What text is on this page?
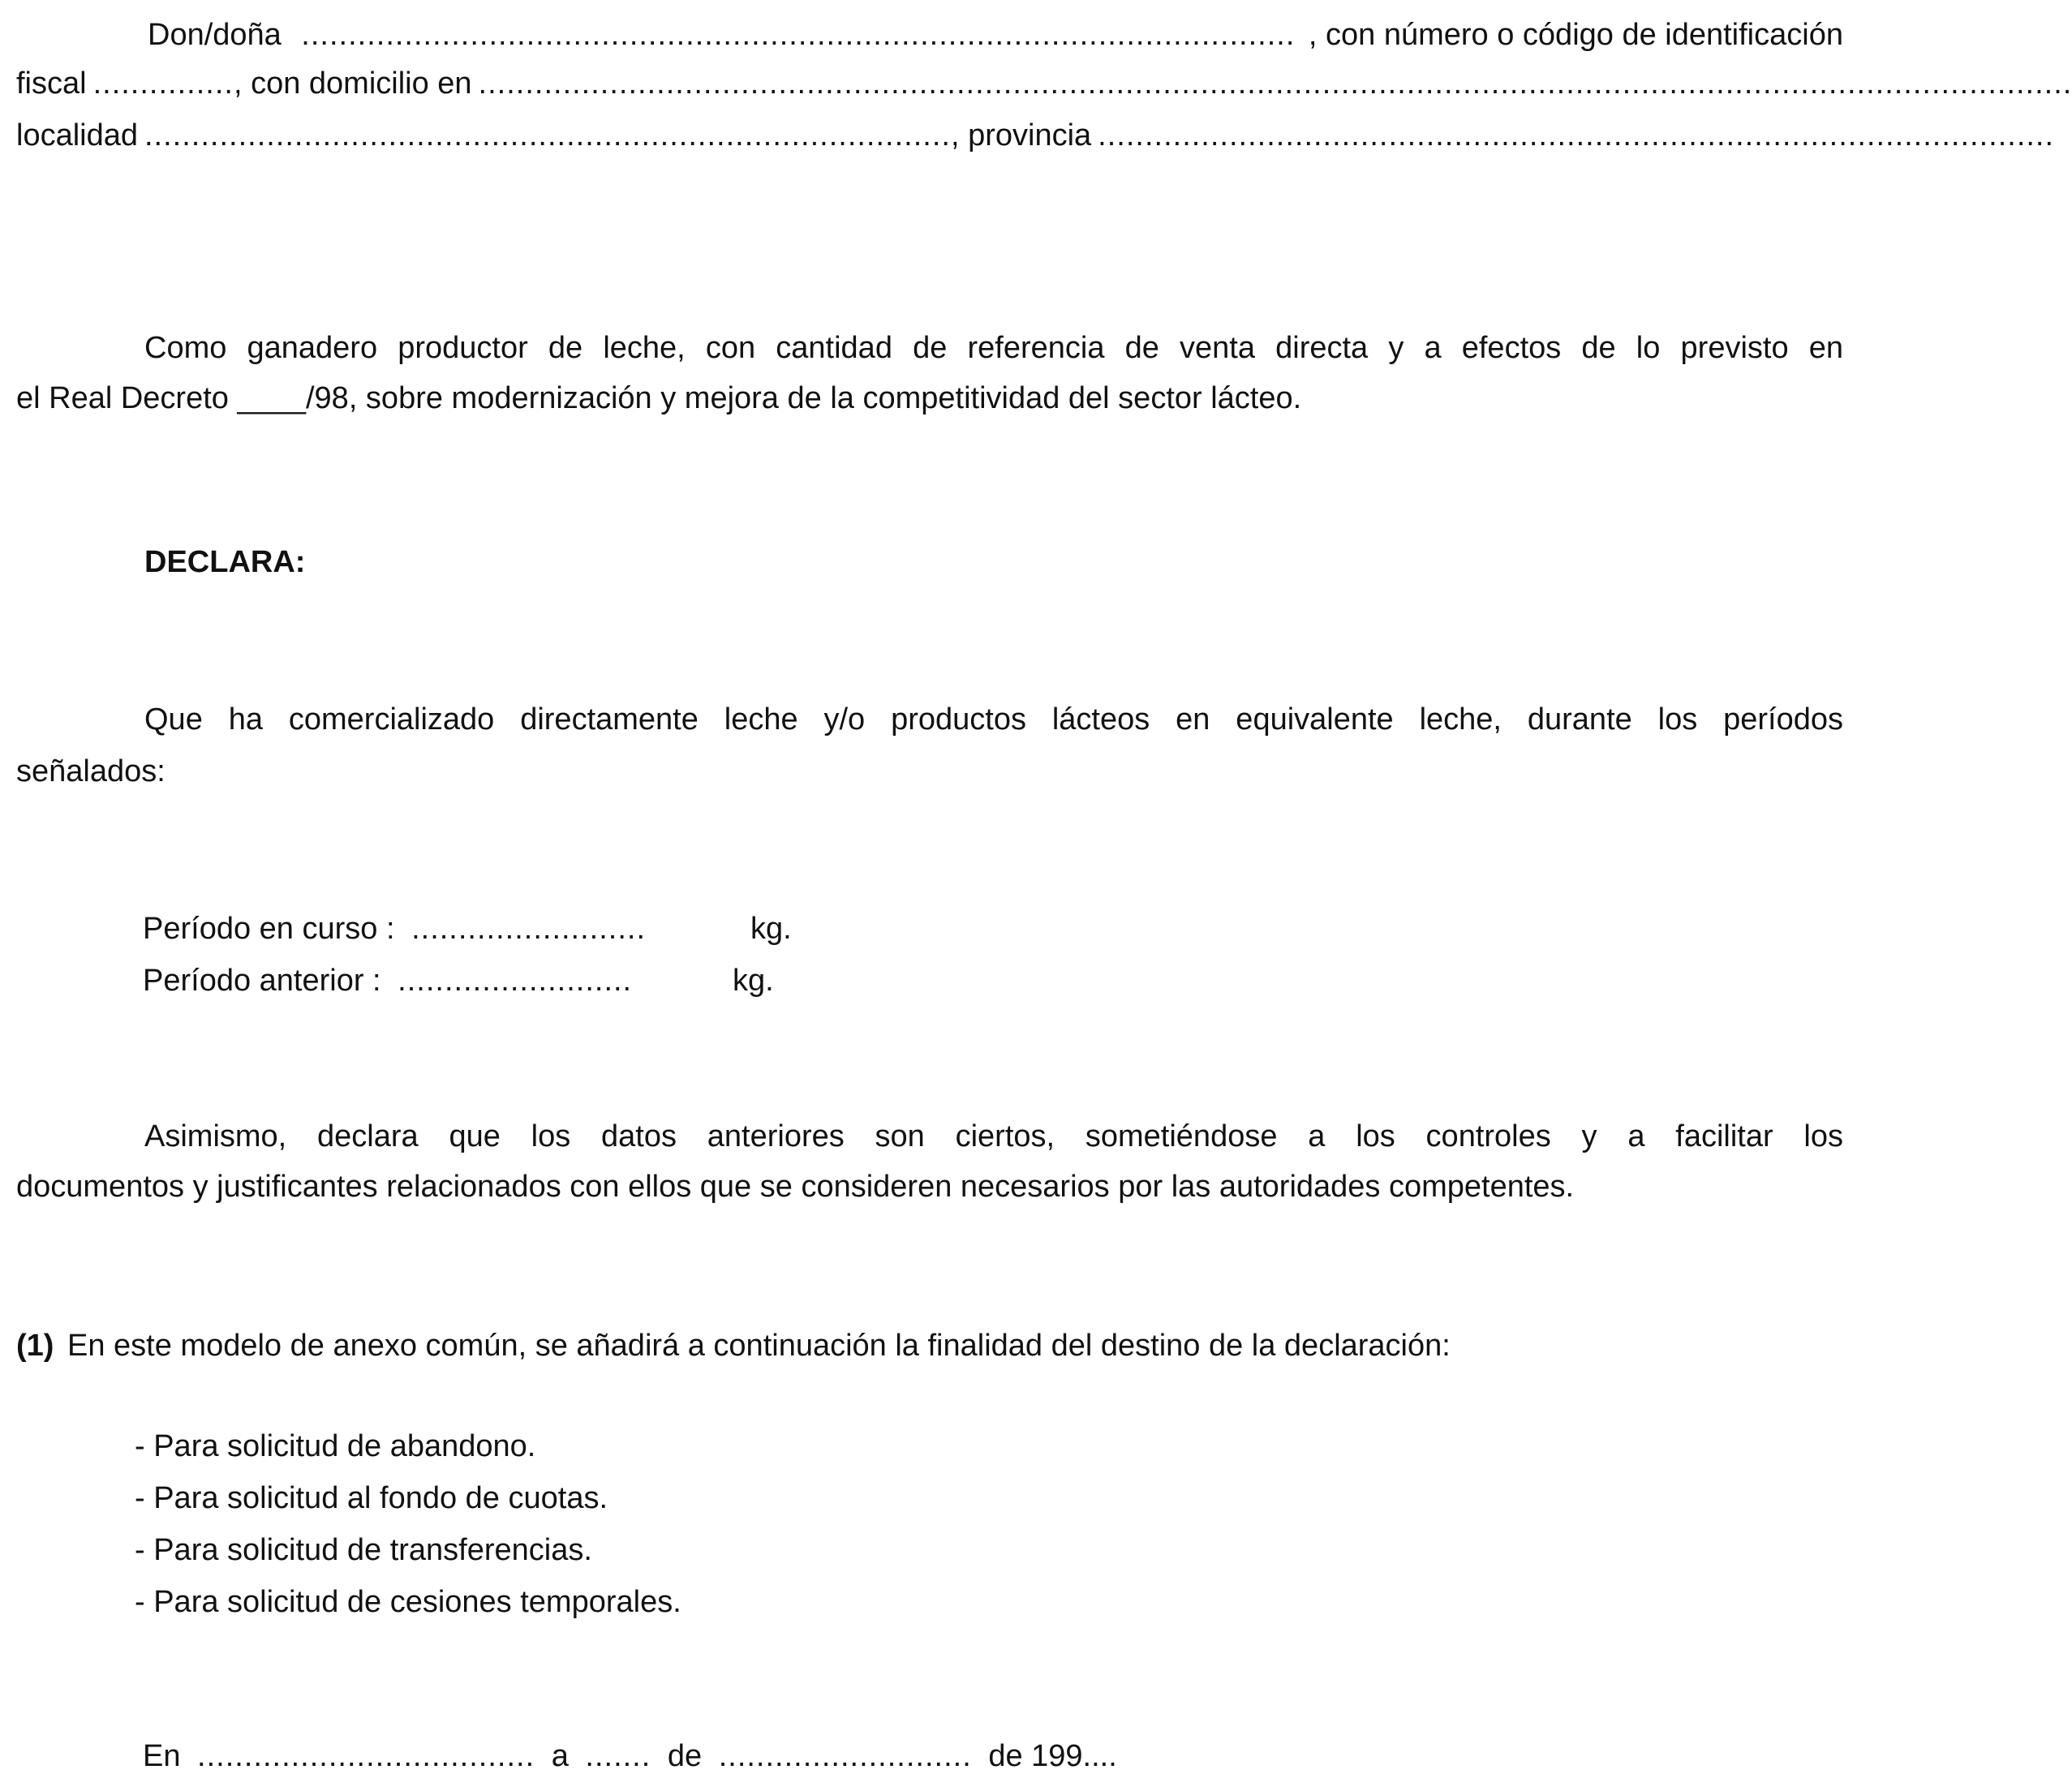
Don/doña .......................................................................................................... , con número o código de identificación
fiscal ............... , con domicilio en ..........................................................................................................................................................................
localidad ...................................................................................... , provincia ......................................................................................................
Como ganadero productor de leche, con cantidad de referencia de venta directa y a efectos de lo previsto en
el Real Decreto ____/98, sobre modernización y mejora de la competitividad del sector lácteo.
DECLARA:
Que ha comercializado directamente leche y/o productos lácteos en equivalente leche, durante los períodos
señalados:
Período en curso : .........................	kg.
Período anterior : .........................	kg.
Asimismo, declara que los datos anteriores son ciertos, sometiéndose a los controles y a facilitar los
documentos y justificantes relacionados con ellos que se consideren necesarios por las autoridades competentes.
(1) En este modelo de anexo común, se añadirá a continuación la finalidad del destino de la declaración:
- Para solicitud de abandono.
- Para solicitud al fondo de cuotas.
- Para solicitud de transferencias.
- Para solicitud de cesiones temporales.
En .................................... a ....... de ........................... de 199....
